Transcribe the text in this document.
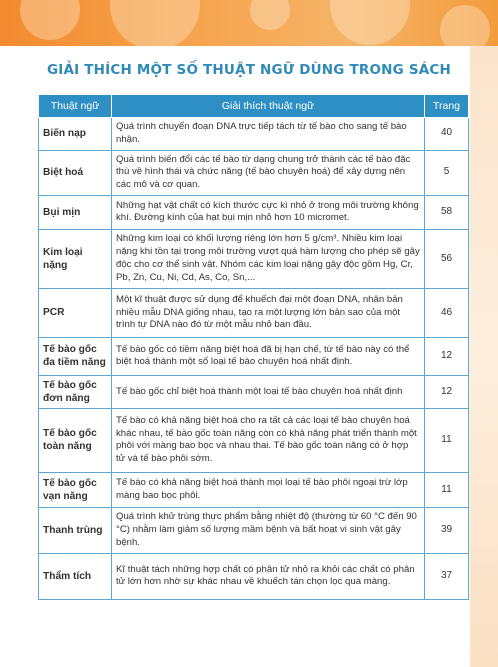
GIẢI THÍCH MỘT SỐ THUẬT NGỮ DÙNG TRONG SÁCH
Thuật ngữ	Giải thích thuật ngữ	Trang
Biến nạp	Quá trình chuyển đoạn DNA trực tiếp tách từ tế bào cho sang tế bào nhận.	40
Biệt hoá	Quá trình biến đổi các tế bào từ dạng chung trở thành các tế bào đặc thù về hình thái và chức năng (tế bào chuyên hoá) để xây dựng nên các mô và cơ quan.	5
Bụi mịn	Những hạt vật chất có kích thước cực kì nhỏ ở trong môi trường không khí. Đường kính của hạt bụi mịn nhỏ hơn 10 micromet.	58
Kim loại nặng	Những kim loại có khối lượng riêng lớn hơn 5 g/cm³. Nhiều kim loại nặng khi tồn tại trong môi trường vượt quá hàm lượng cho phép sẽ gây độc cho cơ thể sinh vật. Nhóm các kim loại nặng gây độc gồm Hg, Cr, Pb, Zn, Cu, Ni, Cd, As, Co, Sn,...	56
PCR	Một kĩ thuật được sử dụng để khuếch đại một đoạn DNA, nhân bản nhiều mẫu DNA giống nhau, tạo ra một lượng lớn bản sao của một trình tự DNA nào đó từ một mẫu nhỏ ban đầu.	46
Tế bào gốc đa tiềm năng	Tế bào gốc có tiềm năng biệt hoá đã bị hạn chế, từ tế bào này có thể biệt hoá thành một số loại tế bào chuyên hoá nhất định.	12
Tế bào gốc đơn năng	Tế bào gốc chỉ biệt hoá thành một loại tế bào chuyên hoá nhất định	12
Tế bào gốc toàn năng	Tế bào có khả năng biệt hoá cho ra tất cả các loại tế bào chuyên hoá khác nhau, tế bào gốc toàn năng còn có khả năng phát triển thành một phôi với màng bao bọc và nhau thai. Tế bào gốc toàn năng có ở hợp tử và tế bào phôi sớm.	11
Tế bào gốc vạn năng	Tế bào có khả năng biệt hoá thành mọi loại tế bào phôi ngoại trừ lớp màng bao bọc phôi.	11
Thanh trùng	Quá trình khử trùng thực phẩm bằng nhiệt độ (thường từ 60 °C đến 90 °C) nhằm làm giảm số lượng mầm bệnh và bất hoạt vi sinh vật gây bệnh.	39
Thẩm tích	Kĩ thuật tách những hợp chất có phân tử nhỏ ra khỏi các chất có phân tử lớn hơn nhờ sự khác nhau về khuếch tán chọn lọc qua màng.	37
